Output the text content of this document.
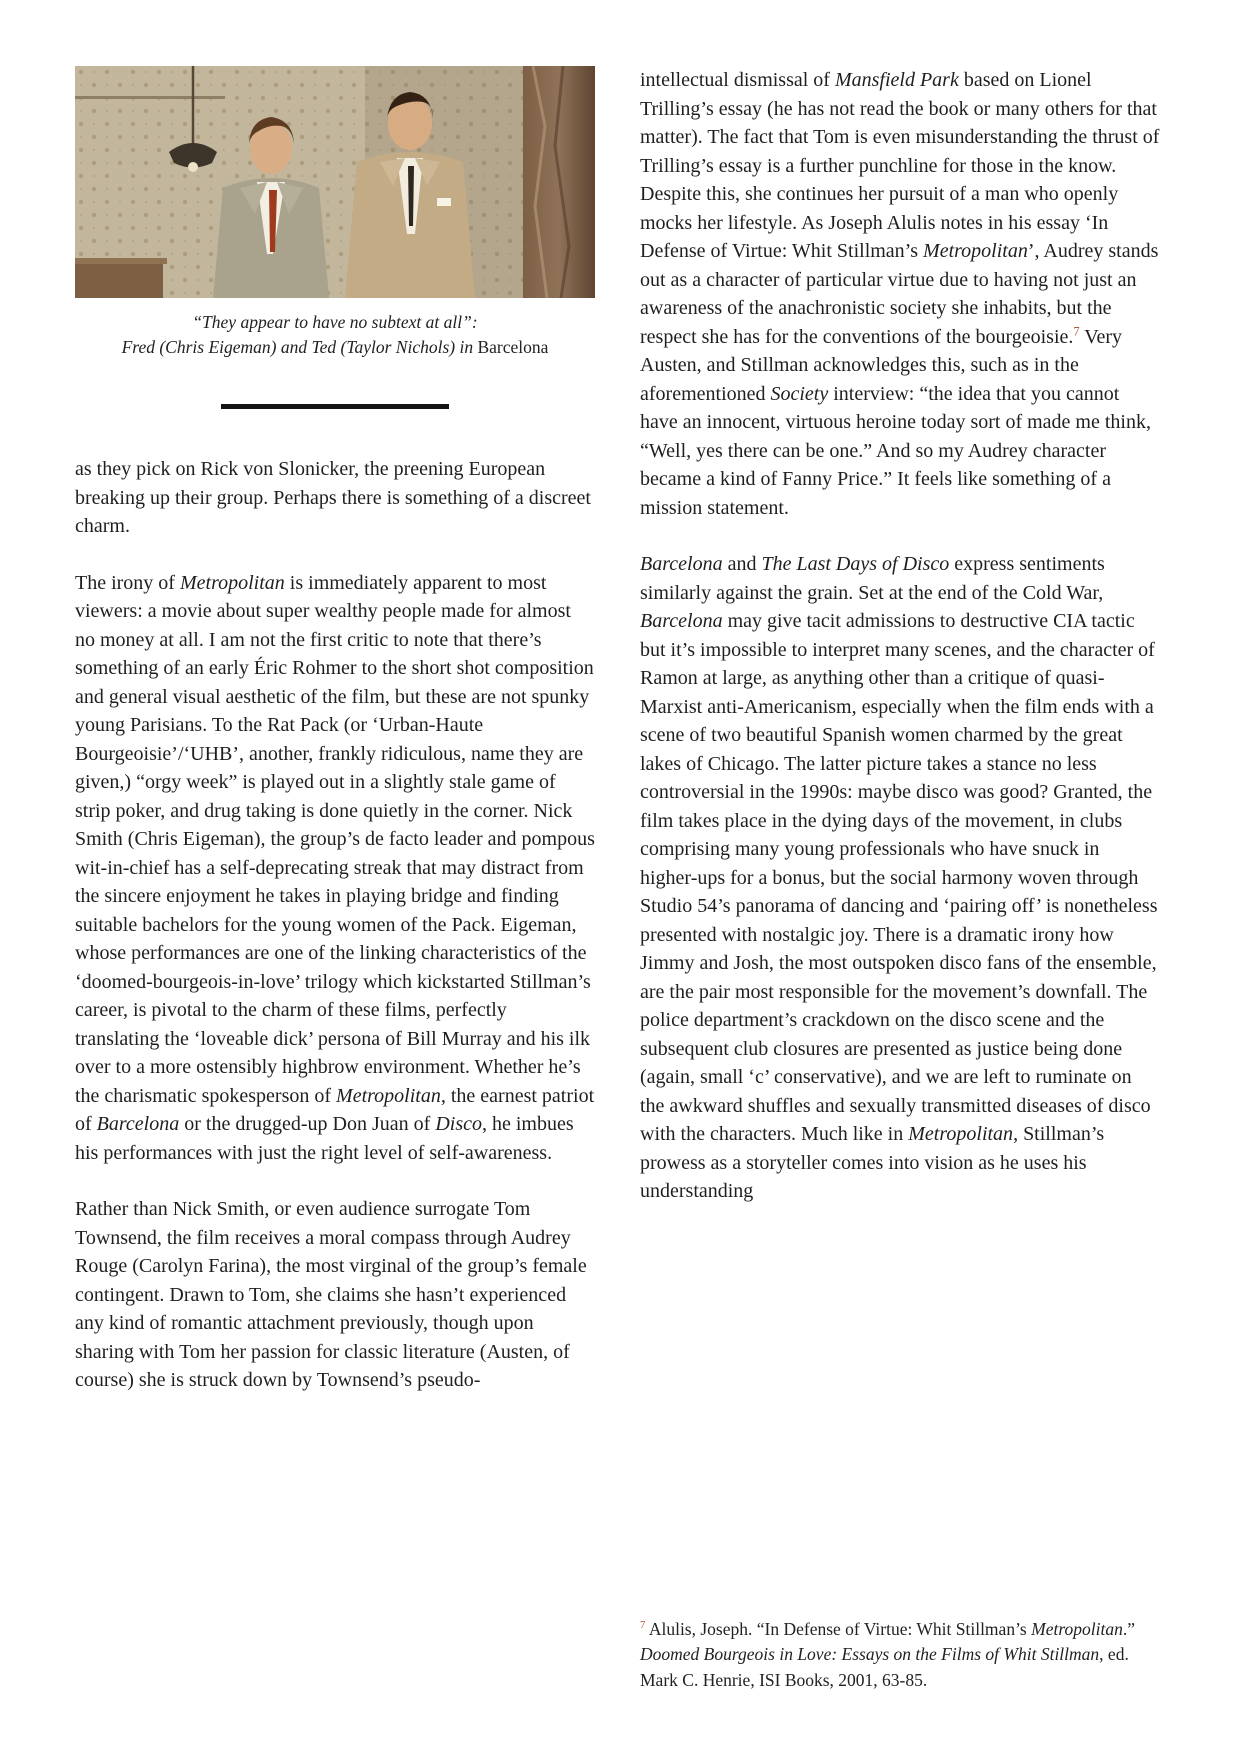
“They appear to have no subtext at all”:
Fred (Chris Eigeman) and Ted (Taylor Nichols) in Barcelona

as they pick on Rick von Slonicker, the preening European breaking up their group. Perhaps there is something of a discreet charm.

The irony of Metropolitan is immediately apparent to most viewers: a movie about super wealthy people made for almost no money at all. I am not the first critic to note that there’s something of an early Éric Rohmer to the short shot composition and general visual aesthetic of the film, but these are not spunky young Parisians. To the Rat Pack (or ‘Urban-Haute Bourgeoisie’/‘UHB’, another, frankly ridiculous, name they are given,) “orgy week” is played out in a slightly stale game of strip poker, and drug taking is done quietly in the corner. Nick Smith (Chris Eigeman), the group’s de facto leader and pompous wit-in-chief has a self-deprecating streak that may distract from the sincere enjoyment he takes in playing bridge and finding suitable bachelors for the young women of the Pack. Eigeman, whose performances are one of the linking characteristics of the ‘doomed-bourgeois-in-love’ trilogy which kickstarted Stillman’s career, is pivotal to the charm of these films, perfectly translating the ‘loveable dick’ persona of Bill Murray and his ilk over to a more ostensibly highbrow environment. Whether he’s the charismatic spokesperson of Metropolitan, the earnest patriot of Barcelona or the drugged-up Don Juan of Disco, he imbues his performances with just the right level of self-awareness.

Rather than Nick Smith, or even audience surrogate Tom Townsend, the film receives a moral compass through Audrey Rouge (Carolyn Farina), the most virginal of the group’s female contingent. Drawn to Tom, she claims she hasn’t experienced any kind of romantic attachment previously, though upon sharing with Tom her passion for classic literature (Austen, of course) she is struck down by Townsend’s pseudo-

intellectual dismissal of Mansfield Park based on Lionel Trilling’s essay (he has not read the book or many others for that matter). The fact that Tom is even misunderstanding the thrust of Trilling’s essay is a further punchline for those in the know. Despite this, she continues her pursuit of a man who openly mocks her lifestyle. As Joseph Alulis notes in his essay ‘In Defense of Virtue: Whit Stillman’s Metropolitan’, Audrey stands out as a character of particular virtue due to having not just an awareness of the anachronistic society she inhabits, but the respect she has for the conventions of the bourgeoisie.$^7$ Very Austen, and Stillman acknowledges this, such as in the aforementioned Society interview: “the idea that you cannot have an innocent, virtuous heroine today sort of made me think, “Well, yes there can be one.” And so my Audrey character became a kind of Fanny Price.” It feels like something of a mission statement.

Barcelona and The Last Days of Disco express sentiments similarly against the grain. Set at the end of the Cold War, Barcelona may give tacit admissions to destructive CIA tactic but it’s impossible to interpret many scenes, and the character of Ramon at large, as anything other than a critique of quasi-Marxist anti-Americanism, especially when the film ends with a scene of two beautiful Spanish women charmed by the great lakes of Chicago. The latter picture takes a stance no less controversial in the 1990s: maybe disco was good? Granted, the film takes place in the dying days of the movement, in clubs comprising many young professionals who have snuck in higher-ups for a bonus, but the social harmony woven through Studio 54’s panorama of dancing and ‘pairing off’ is nonetheless presented with nostalgic joy. There is a dramatic irony how Jimmy and Josh, the most outspoken disco fans of the ensemble, are the pair most responsible for the movement’s downfall. The police department’s crackdown on the disco scene and the subsequent club closures are presented as justice being done (again, small ‘c’ conservative), and we are left to ruminate on the awkward shuffles and sexually transmitted diseases of disco with the characters. Much like in Metropolitan, Stillman’s prowess as a storyteller comes into vision as he uses his understanding

$^7$ Alulis, Joseph. “In Defense of Virtue: Whit Stillman’s Metropolitan.” Doomed Bourgeois in Love: Essays on the Films of Whit Stillman, ed. Mark C. Henrie, ISI Books, 2001, 63-85.
